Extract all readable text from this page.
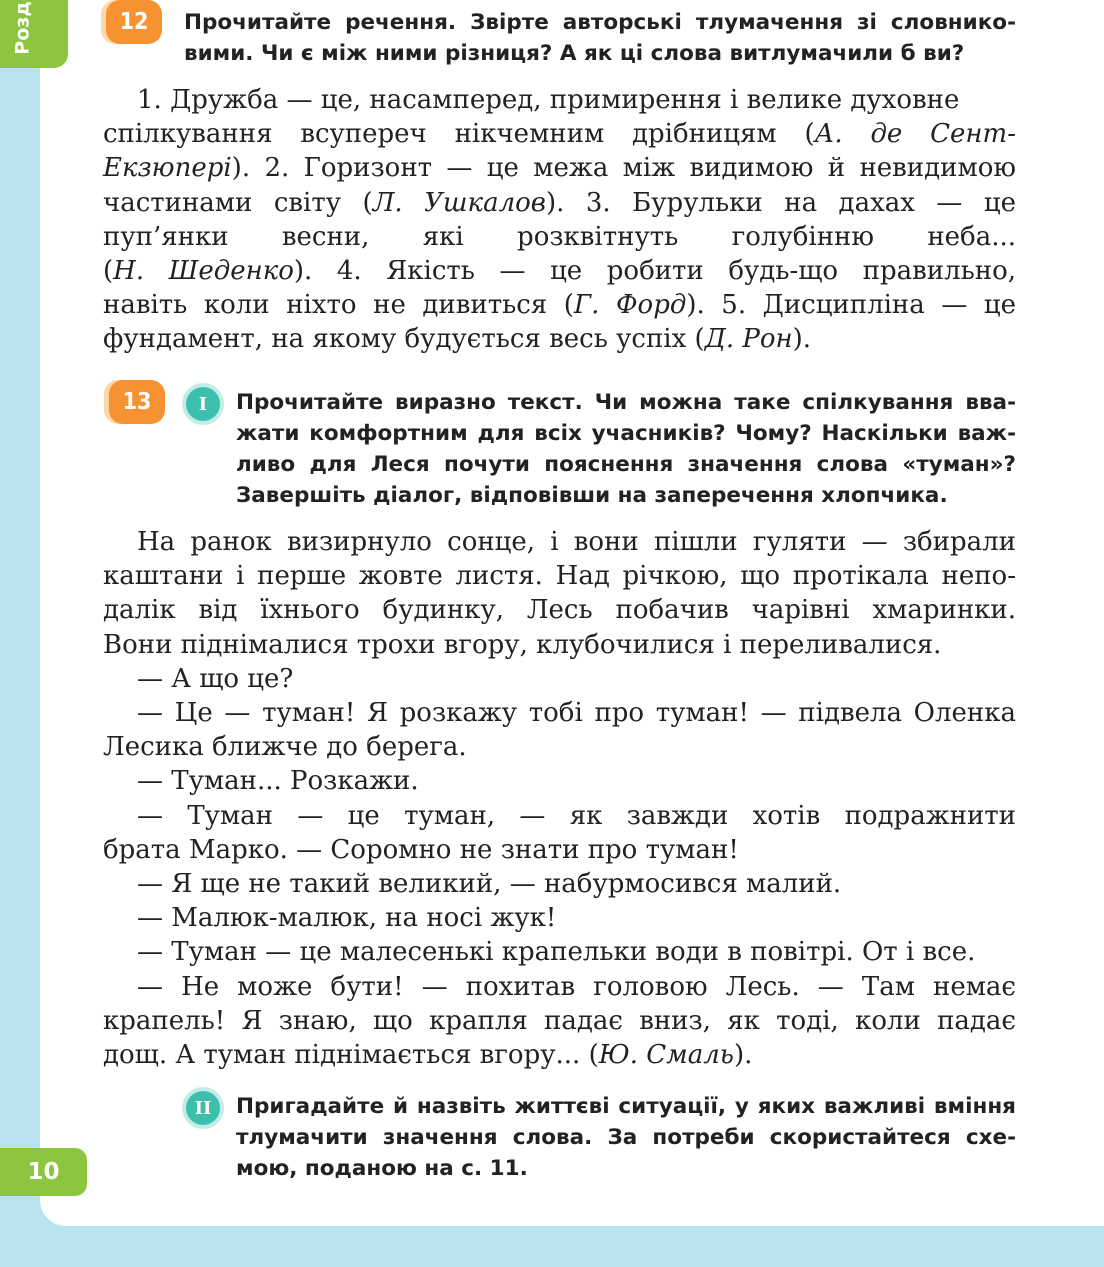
Розд	12	Прочитайте речення. Звірте авторські тлумачення зі словнико-
вими. Чи є між ними різниця? А як ці слова витлумачили б ви?
1. Дружба — це, насамперед, примирення і велике духовне
спілкування всупереч нікчемним дрібницям (А. де Сент-
Екзюпері). 2. Горизонт — це межа між видимою й невидимою
частинами світу (Л. Ушкалов). 3. Бурульки на дахах — це
пуп’янки весни, які розквітнуть голубінню неба...
(Н. Шеденко). 4. Якість — це робити будь-що правильно,
навіть коли ніхто не дивиться (Г. Форд). 5. Дисципліна — це
фундамент, на якому будується весь успіх (Д. Рон).
13	I	Прочитайте виразно текст. Чи можна таке спілкування вва-
жати комфортним для всіх учасників? Чому? Наскільки важ-
ливо для Леся почути пояснення значення слова «туман»?
Завершіть діалог, відповівши на заперечення хлопчика.
На ранок визирнуло сонце, і вони пішли гуляти — збирали
каштани і перше жовте листя. Над річкою, що протікала непо-
далік від їхнього будинку, Лесь побачив чарівні хмаринки.
Вони піднімалися трохи вгору, клубочилися і переливалися.
— А що це?
— Це — туман! Я розкажу тобі про туман! — підвела Оленка
Лесика ближче до берега.
— Туман... Розкажи.
— Туман — це туман, — як завжди хотів подражнити
брата Марко. — Соромно не знати про туман!
— Я ще не такий великий, — набурмосився малий.
— Малюк-малюк, на носі жук!
— Туман — це малесенькі крапельки води в повітрі. От і все.
— Не може бути! — похитав головою Лесь. — Там немає
крапель! Я знаю, що крапля падає вниз, як тоді, коли падає
дощ. А туман піднімається вгору... (Ю. Смаль).
II	Пригадайте й назвіть життєві ситуації, у яких важливі вміння
тлумачити значення слова. За потреби скористайтеся схе-
мою, поданою на с. 11.
10
